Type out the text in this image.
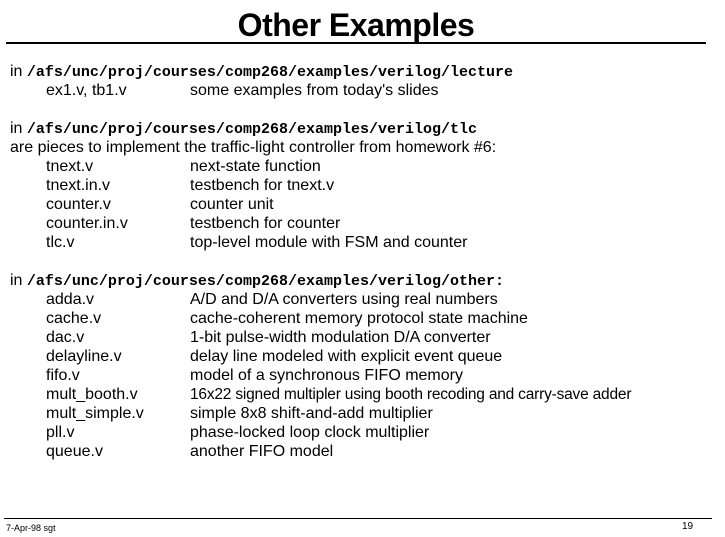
Other Examples
in /afs/unc/proj/courses/comp268/examples/verilog/lecture
ex1.v, tb1.v	some examples from today's slides
in /afs/unc/proj/courses/comp268/examples/verilog/tlc
are pieces to implement the traffic-light controller from homework #6:
tnext.v	next-state function
tnext.in.v	testbench for tnext.v
counter.v	counter unit
counter.in.v	testbench for counter
tlc.v	top-level module with FSM and counter
in /afs/unc/proj/courses/comp268/examples/verilog/other:
adda.v	A/D and D/A converters using real numbers
cache.v	cache-coherent memory protocol state machine
dac.v	1-bit pulse-width modulation D/A converter
delayline.v	delay line modeled with explicit event queue
fifo.v	model of a synchronous FIFO memory
mult_booth.v	16x22 signed multipler using booth recoding and carry-save adder
mult_simple.v	simple 8x8 shift-and-add multiplier
pll.v	phase-locked loop clock multiplier
queue.v	another FIFO model
7-Apr-98 sgt	19
